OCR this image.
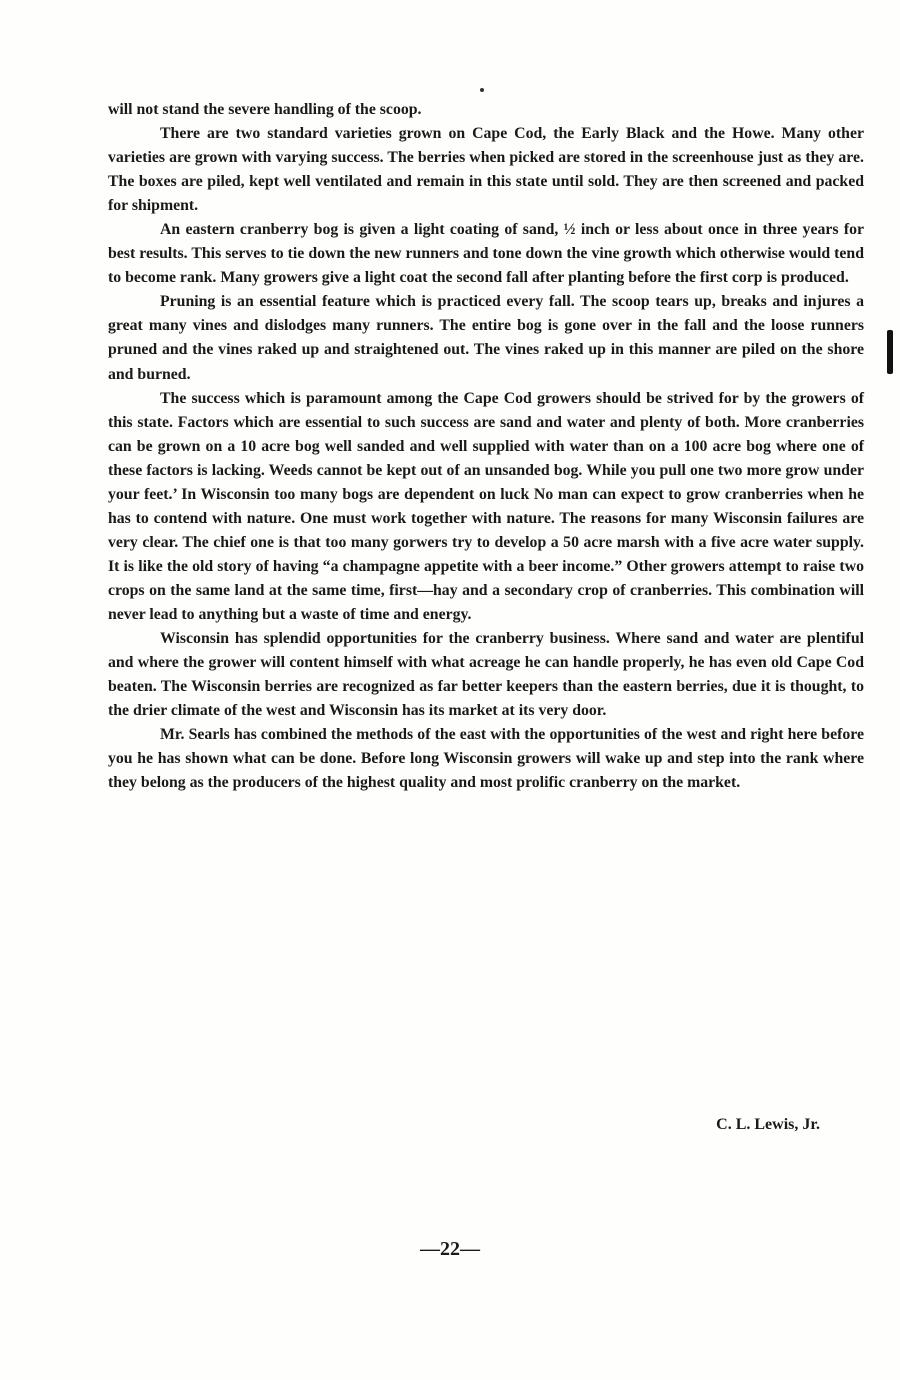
will not stand the severe handling of the scoop.

There are two standard varieties grown on Cape Cod, the Early Black and the Howe. Many other varieties are grown with varying success. The berries when picked are stored in the screenhouse just as they are. The boxes are piled, kept well ventilated and remain in this state until sold. They are then screened and packed for shipment.

An eastern cranberry bog is given a light coating of sand, ½ inch or less about once in three years for best results. This serves to tie down the new runners and tone down the vine growth which otherwise would tend to become rank. Many growers give a light coat the second fall after planting before the first corp is produced.

Pruning is an essential feature which is practiced every fall. The scoop tears up, breaks and injures a great many vines and dislodges many runners. The entire bog is gone over in the fall and the loose runners pruned and the vines raked up and straightened out. The vines raked up in this manner are piled on the shore and burned.

The success which is paramount among the Cape Cod growers should be strived for by the growers of this state. Factors which are essential to such success are sand and water and plenty of both. More cranberries can be grown on a 10 acre bog well sanded and well supplied with water than on a 100 acre bog where one of these factors is lacking. Weeds cannot be kept out of an unsanded bog. While you pull one two more grow under your feet.’ In Wisconsin too many bogs are dependent on luck No man can expect to grow cranberries when he has to contend with nature. One must work together with nature. The reasons for many Wisconsin failures are very clear. The chief one is that too many gorwers try to develop a 50 acre marsh with a five acre water supply. It is like the old story of having “a champagne appetite with a beer income.” Other growers attempt to raise two crops on the same land at the same time, first—hay and a secondary crop of cranberries. This combination will never lead to anything but a waste of time and energy.

Wisconsin has splendid opportunities for the cranberry business. Where sand and water are plentiful and where the grower will content himself with what acreage he can handle properly, he has even old Cape Cod beaten. The Wisconsin berries are recognized as far better keepers than the eastern berries, due it is thought, to the drier climate of the west and Wisconsin has its market at its very door.

Mr. Searls has combined the methods of the east with the opportunities of the west and right here before you he has shown what can be done. Before long Wisconsin growers will wake up and step into the rank where they belong as the producers of the highest quality and most prolific cranberry on the market.

C. L. Lewis, Jr.
—22—
